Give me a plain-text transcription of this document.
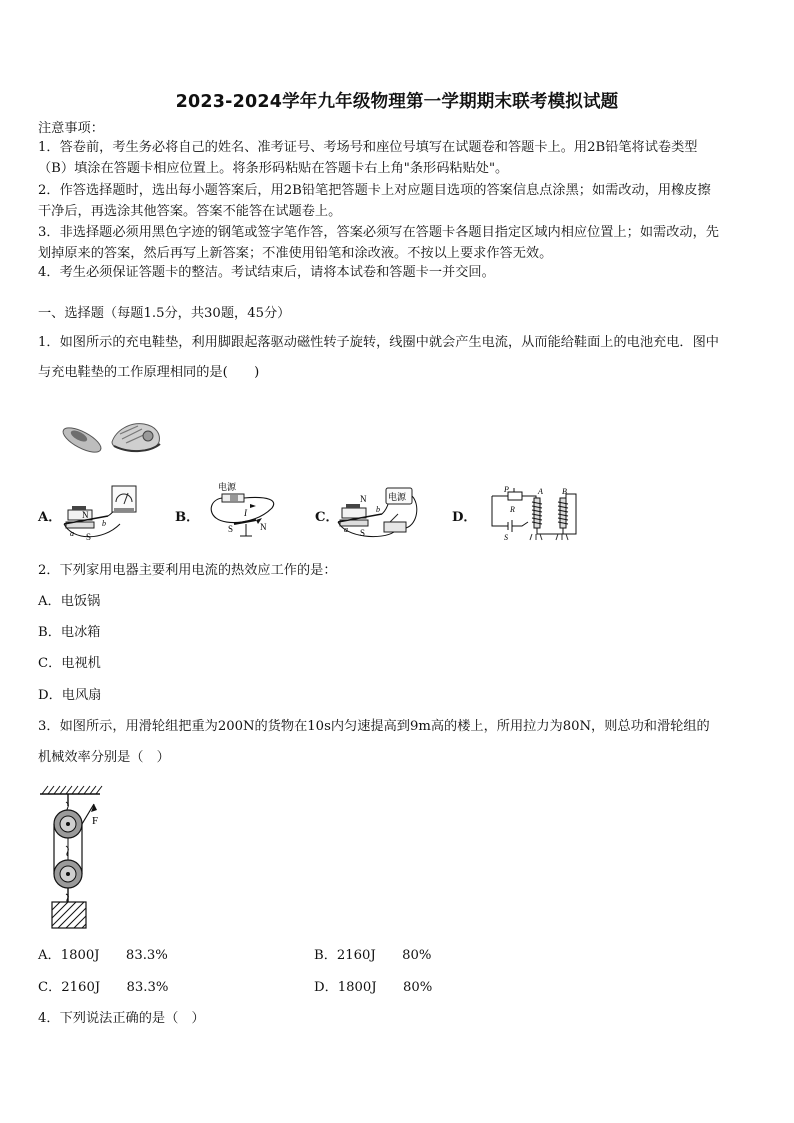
2023-2024学年九年级物理第一学期期末联考模拟试题
注意事项：
1．答卷前，考生务必将自己的姓名、准考证号、考场号和座位号填写在试题卷和答题卡上。用2B铅笔将试卷类型
（B）填涂在答题卡相应位置上。将条形码粘贴在答题卡右上角"条形码粘贴处"。
2．作答选择题时，选出每小题答案后，用2B铅笔把答题卡上对应题目选项的答案信息点涂黑；如需改动，用橡皮擦
干净后，再选涂其他答案。答案不能答在试题卷上。
3．非选择题必须用黑色字迹的钢笔或签字笔作答，答案必须写在答题卡各题目指定区域内相应位置上；如需改动，先
划掉原来的答案，然后再写上新答案；不准使用铅笔和涂改液。不按以上要求作答无效。
4．考生必须保证答题卡的整洁。考试结束后，请将本试卷和答题卡一并交回。
一、选择题（每题1.5分，共30题，45分）
1．如图所示的充电鞋垫，利用脚跟起落驱动磁性转子旋转，线圈中就会产生电流，从而能给鞋面上的电池充电．图中
与充电鞋垫的工作原理相同的是(　　)
A．	B．	C．	D．
N
S
a
b
电源
I
S	N
电源
N
S
a
b
P
R
S
A B
2．下列家用电器主要利用电流的热效应工作的是：
A．电饭锅
B．电冰箱
C．电视机
D．电风扇
3．如图所示，用滑轮组把重为200N的货物在10s内匀速提高到9m高的楼上，所用拉力为80N，则总功和滑轮组的
机械效率分别是（　）
F
A．1800J　　83.3%	B．2160J　　80%
C．2160J　　83.3%	D．1800J　　80%
4．下列说法正确的是（　）
